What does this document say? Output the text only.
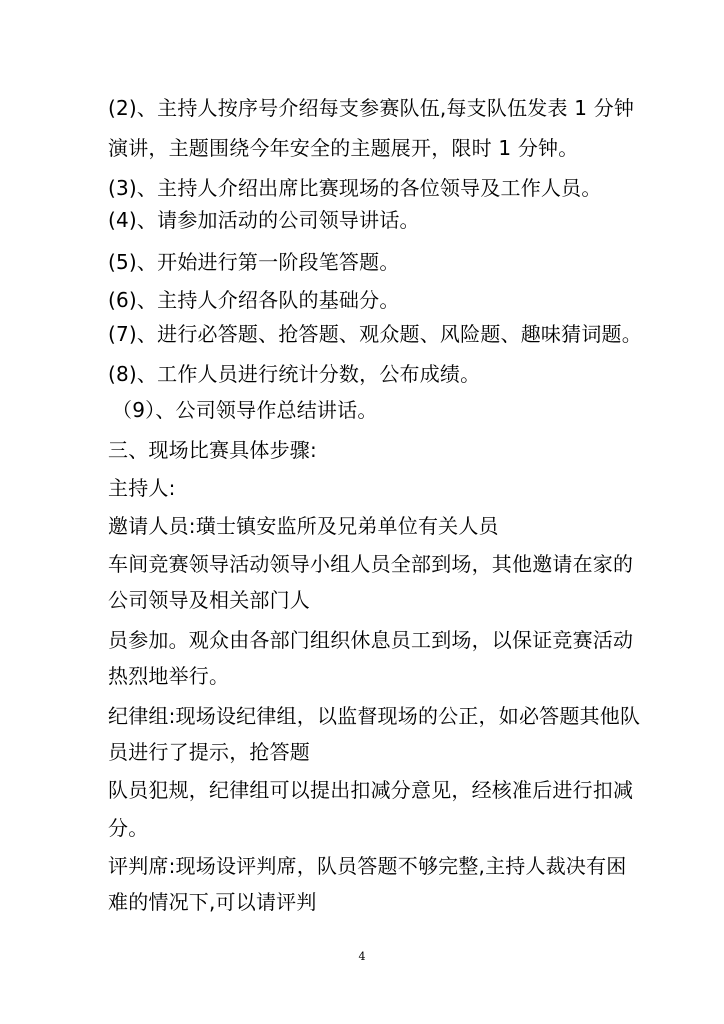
(2)、主持人按序号介绍每支参赛队伍,每支队伍发表 1 分钟
演讲，主题围绕今年安全的主题展开，限时 1 分钟。
(3)、主持人介绍出席比赛现场的各位领导及工作人员。
(4)、请参加活动的公司领导讲话。
(5)、开始进行第一阶段笔答题。
(6)、主持人介绍各队的基础分。
(7)、进行必答题、抢答题、观众题、风险题、趣味猜词题。
(8)、工作人员进行统计分数，公布成绩。
（9）、公司领导作总结讲话。
三、现场比赛具体步骤:
主持人:
邀请人员:璜士镇安监所及兄弟单位有关人员
车间竞赛领导活动领导小组人员全部到场，其他邀请在家的
公司领导及相关部门人
员参加。观众由各部门组织休息员工到场，以保证竞赛活动
热烈地举行。
纪律组:现场设纪律组，以监督现场的公正，如必答题其他队
员进行了提示，抢答题
队员犯规，纪律组可以提出扣减分意见，经核准后进行扣减
分。
评判席:现场设评判席，队员答题不够完整,主持人裁决有困
难的情况下,可以请评判
4
